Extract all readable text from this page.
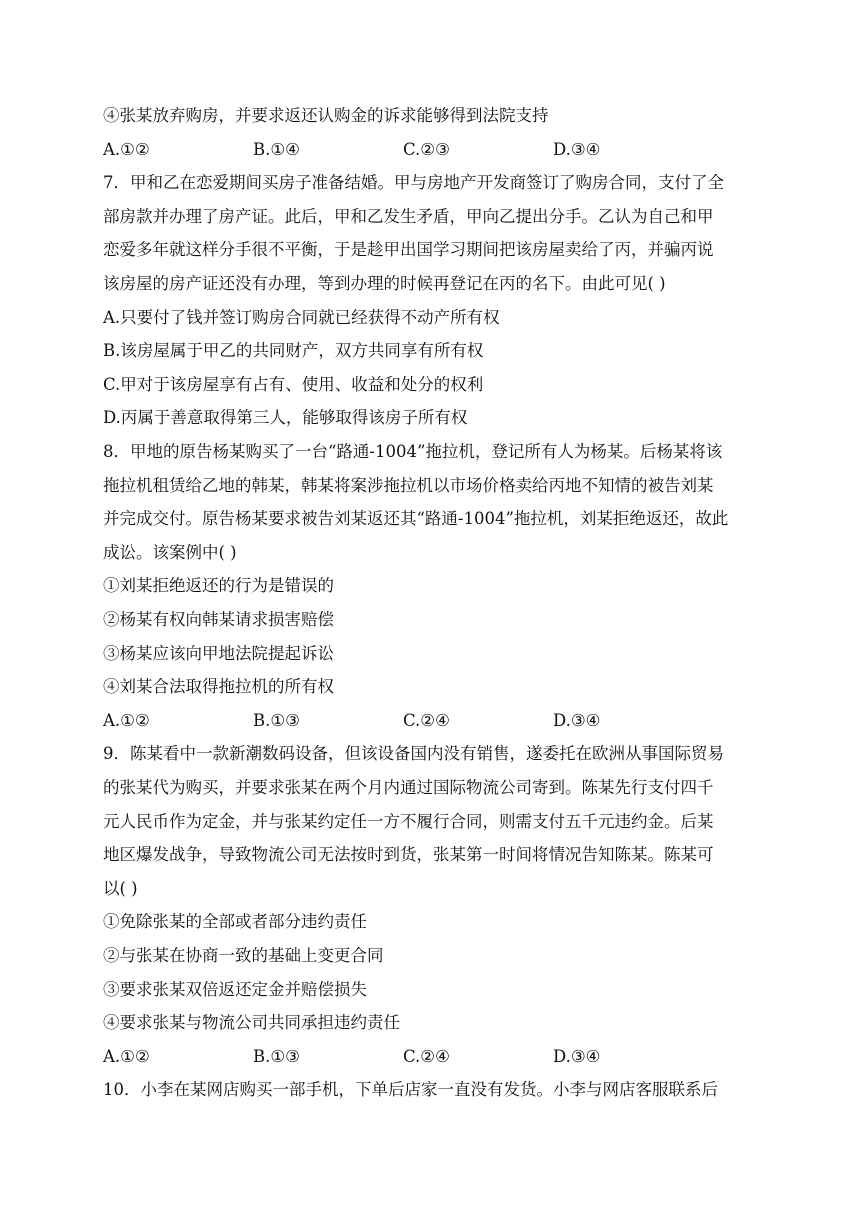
④张某放弃购房，并要求返还认购金的诉求能够得到法院支持
A.①②	B.①④	C.②③	D.③④
7．甲和乙在恋爱期间买房子准备结婚。甲与房地产开发商签订了购房合同，支付了全
部房款并办理了房产证。此后，甲和乙发生矛盾，甲向乙提出分手。乙认为自己和甲
恋爱多年就这样分手很不平衡，于是趁甲出国学习期间把该房屋卖给了丙，并骗丙说
该房屋的房产证还没有办理，等到办理的时候再登记在丙的名下。由此可见( )
A.只要付了钱并签订购房合同就已经获得不动产所有权
B.该房屋属于甲乙的共同财产，双方共同享有所有权
C.甲对于该房屋享有占有、使用、收益和处分的权利
D.丙属于善意取得第三人，能够取得该房子所有权
8．甲地的原告杨某购买了一台“路通-1004”拖拉机，登记所有人为杨某。后杨某将该
拖拉机租赁给乙地的韩某，韩某将案涉拖拉机以市场价格卖给丙地不知情的被告刘某
并完成交付。原告杨某要求被告刘某返还其“路通-1004”拖拉机，刘某拒绝返还，故此
成讼。该案例中( )
①刘某拒绝返还的行为是错误的
②杨某有权向韩某请求损害赔偿
③杨某应该向甲地法院提起诉讼
④刘某合法取得拖拉机的所有权
A.①②	B.①③	C.②④	D.③④
9．陈某看中一款新潮数码设备，但该设备国内没有销售，遂委托在欧洲从事国际贸易
的张某代为购买，并要求张某在两个月内通过国际物流公司寄到。陈某先行支付四千
元人民币作为定金，并与张某约定任一方不履行合同，则需支付五千元违约金。后某
地区爆发战争，导致物流公司无法按时到货，张某第一时间将情况告知陈某。陈某可
以( )
①免除张某的全部或者部分违约责任
②与张某在协商一致的基础上变更合同
③要求张某双倍返还定金并赔偿损失
④要求张某与物流公司共同承担违约责任
A.①②	B.①③	C.②④	D.③④
10．小李在某网店购买一部手机，下单后店家一直没有发货。小李与网店客服联系后
